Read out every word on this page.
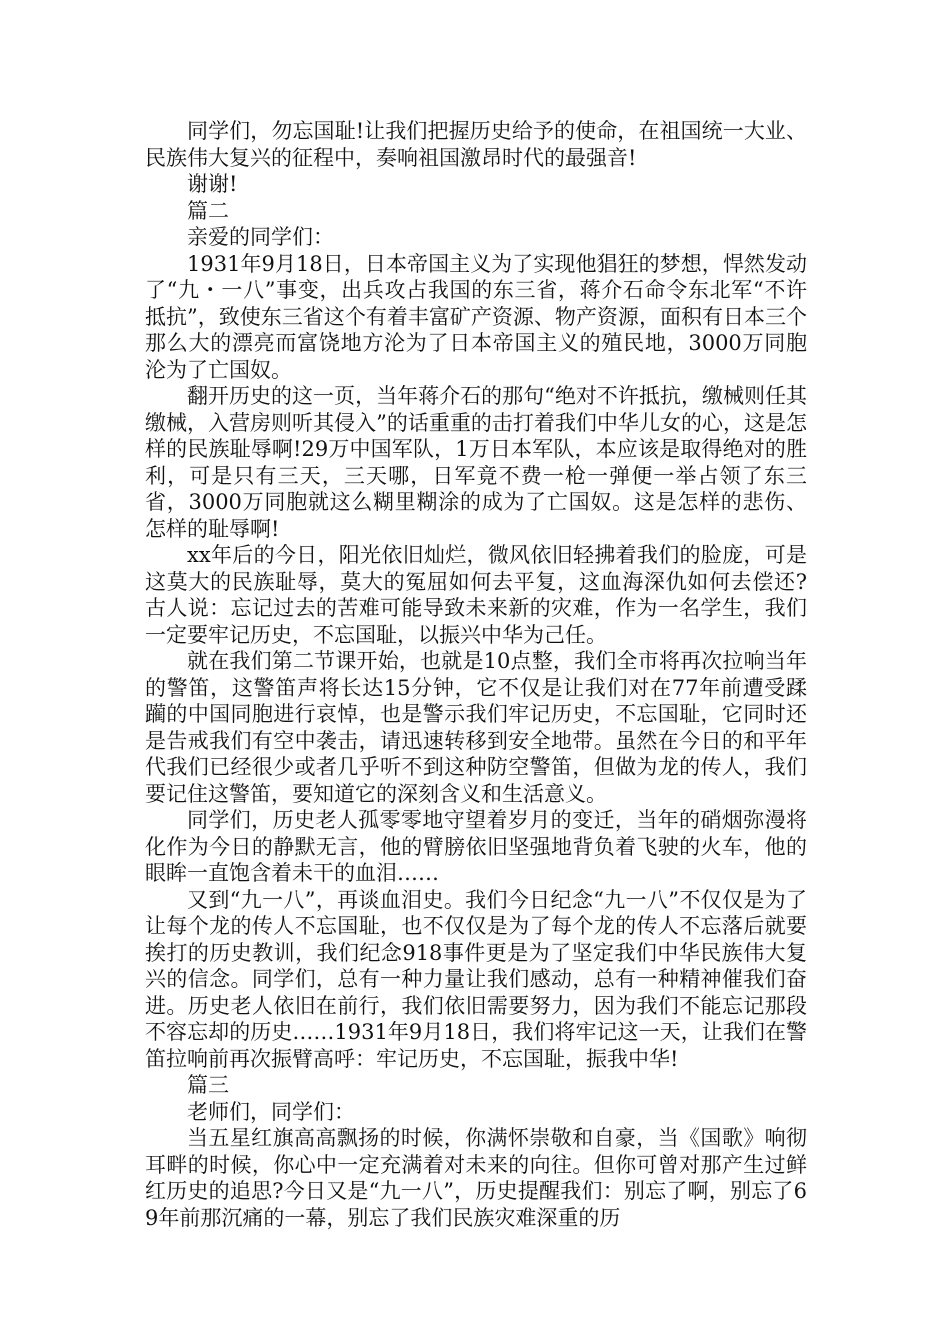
同学们，勿忘国耻!让我们把握历史给予的使命，在祖国统一大业、民族伟大复兴的征程中，奏响祖国激昂时代的最强音!

谢谢!

篇二

亲爱的同学们：

1931年9月18日，日本帝国主义为了实现他猖狂的梦想，悍然发动了“九・一八”事变，出兵攻占我国的东三省，蒋介石命令东北军“不许抵抗”，致使东三省这个有着丰富矿产资源、物产资源，面积有日本三个那么大的漂亮而富饶地方沦为了日本帝国主义的殖民地，3000万同胞沦为了亡国奴。

翻开历史的这一页，当年蒋介石的那句“绝对不许抵抗，缴械则任其缴械，入营房则听其侵入”的话重重的击打着我们中华儿女的心，这是怎样的民族耻辱啊!29万中国军队，1万日本军队，本应该是取得绝对的胜利，可是只有三天，三天哪，日军竟不费一枪一弹便一举占领了东三省，3000万同胞就这么糊里糊涂的成为了亡国奴。这是怎样的悲伤、怎样的耻辱啊!

xx年后的今日，阳光依旧灿烂，微风依旧轻拂着我们的脸庞，可是这莫大的民族耻辱，莫大的冤屈如何去平复，这血海深仇如何去偿还?古人说：忘记过去的苦难可能导致未来新的灾难，作为一名学生，我们一定要牢记历史，不忘国耻，以振兴中华为己任。

就在我们第二节课开始，也就是10点整，我们全市将再次拉响当年的警笛，这警笛声将长达15分钟，它不仅是让我们对在77年前遭受蹂躏的中国同胞进行哀悼，也是警示我们牢记历史，不忘国耻，它同时还是告戒我们有空中袭击，请迅速转移到安全地带。虽然在今日的和平年代我们已经很少或者几乎听不到这种防空警笛，但做为龙的传人，我们要记住这警笛，要知道它的深刻含义和生活意义。

同学们，历史老人孤零零地守望着岁月的变迁，当年的硝烟弥漫将化作为今日的静默无言，他的臂膀依旧坚强地背负着飞驶的火车，他的眼眸一直饱含着未干的血泪……

又到“九一八”，再谈血泪史。我们今日纪念“九一八”不仅仅是为了让每个龙的传人不忘国耻，也不仅仅是为了每个龙的传人不忘落后就要挨打的历史教训，我们纪念918事件更是为了坚定我们中华民族伟大复兴的信念。同学们，总有一种力量让我们感动，总有一种精神催我们奋进。历史老人依旧在前行，我们依旧需要努力，因为我们不能忘记那段不容忘却的历史……1931年9月18日，我们将牢记这一天，让我们在警笛拉响前再次振臂高呼：牢记历史，不忘国耻，振我中华!

篇三

老师们，同学们：

当五星红旗高高飘扬的时候，你满怀崇敬和自豪，当《国歌》响彻耳畔的时候，你心中一定充满着对未来的向往。但你可曾对那产生过鲜红历史的追思?今日又是“九一八”，历史提醒我们：别忘了啊，别忘了69年前那沉痛的一幕，别忘了我们民族灾难深重的历
